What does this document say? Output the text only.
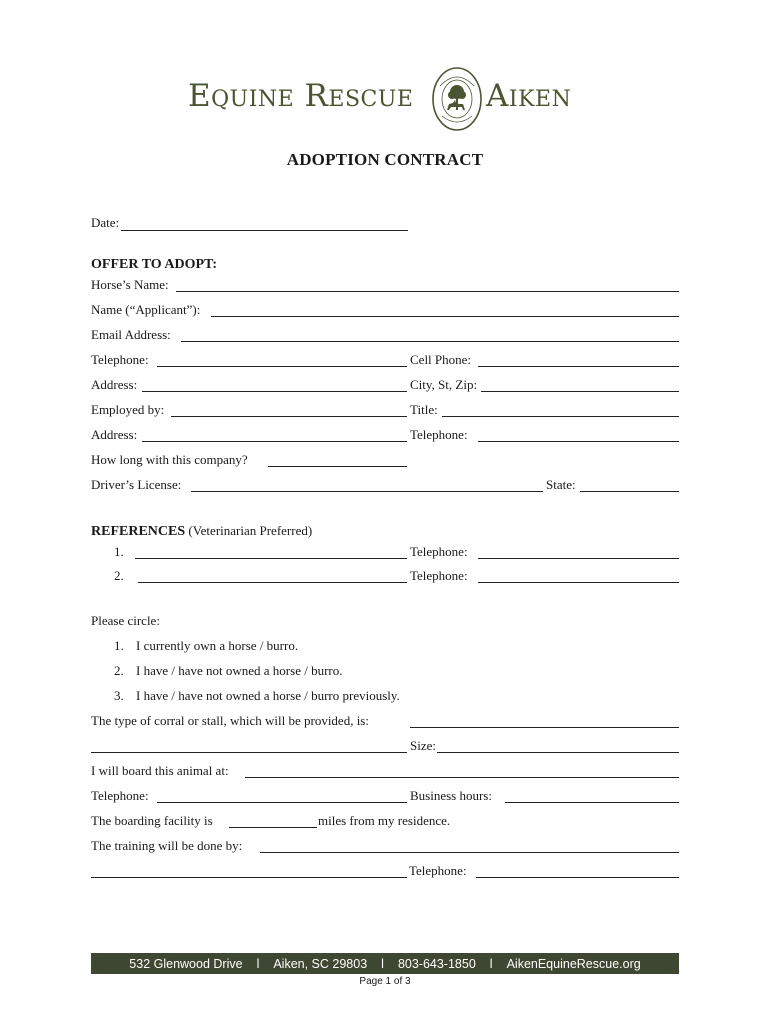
Equine Rescue Aiken
ADOPTION CONTRACT
Date:
OFFER TO ADOPT:
Horse’s Name:
Name (“Applicant”):
Email Address:
Telephone:	Cell Phone:
Address:	City, St, Zip:
Employed by:	Title:
Address:	Telephone:
How long with this company?
Driver’s License:	State:
REFERENCES (Veterinarian Preferred)
1.	Telephone:
2.	Telephone:
Please circle:
1. I currently own a horse / burro.
2. I have / have not owned a horse / burro.
3. I have / have not owned a horse / burro previously.
The type of corral or stall, which will be provided, is:
Size:
I will board this animal at:
Telephone:	Business hours:
The boarding facility is	miles from my residence.
The training will be done by:
Telephone:
532 Glenwood Drive	l	Aiken, SC 29803	l	803-643-1850	l	AikenEquineRescue.org
Page 1 of 3
